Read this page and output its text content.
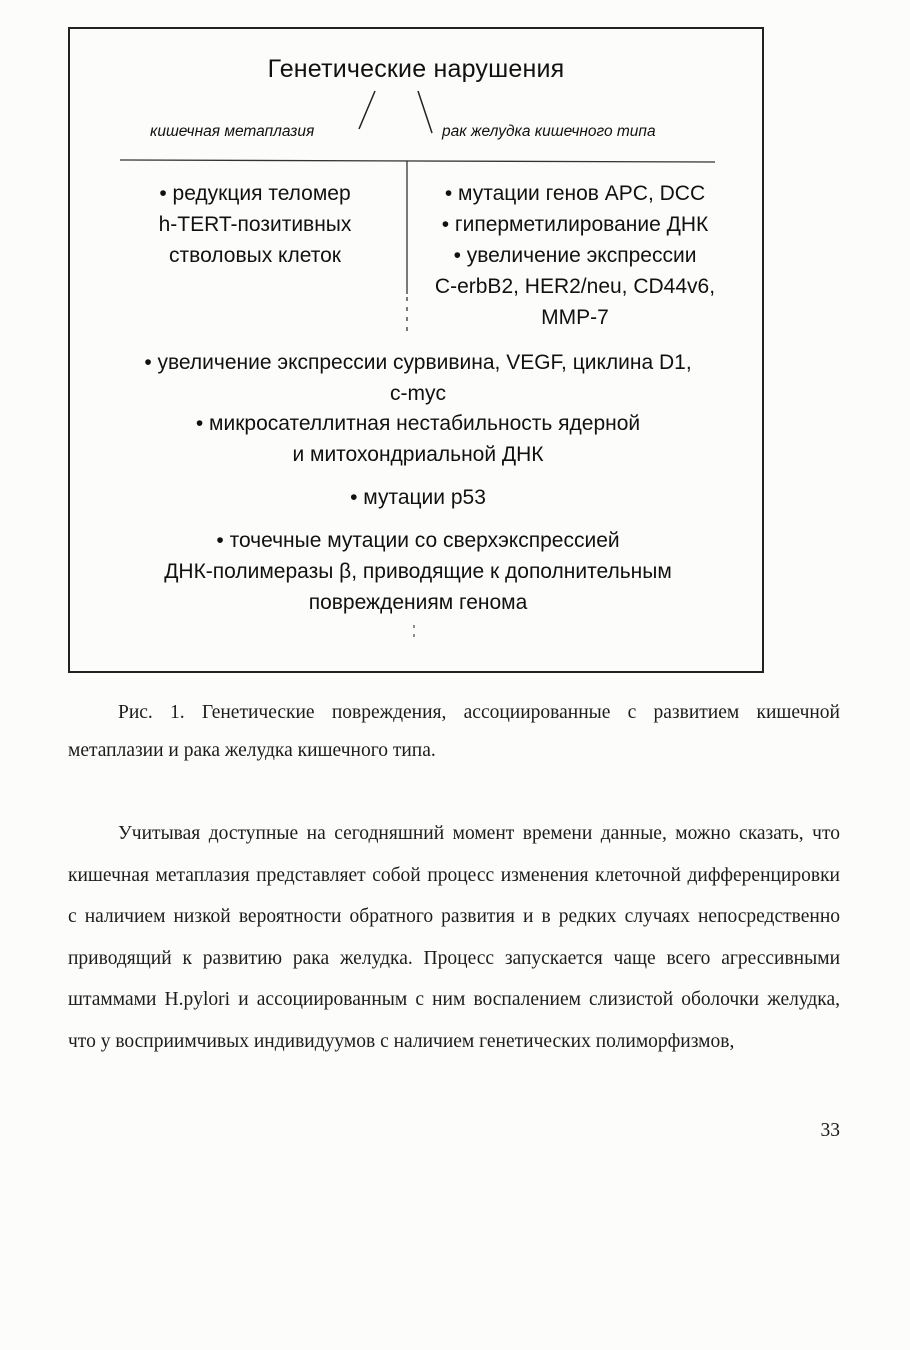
Генетические нарушения
кишечная метаплазия	рак желудка кишечного типа
• редукция теломер
h-TERT-позитивных
стволовых клеток
• мутации генов APC, DCC
• гиперметилирование ДНК
• увеличение экспрессии
C-erbB2, HER2/neu, CD44v6,
MMP-7
• увеличение экспрессии сурвивина, VEGF, циклина D1,
c-myc
• микросателлитная нестабильность ядерной
и митохондриальной ДНК
• мутации p53
• точечные мутации со сверхэкспрессией
ДНК-полимеразы β, приводящие к дополнительным
повреждениям генома

Рис. 1. Генетические повреждения, ассоциированные с развитием кишечной метаплазии и рака желудка кишечного типа.

Учитывая доступные на сегодняшний момент времени данные, можно сказать, что кишечная метаплазия представляет собой процесс изменения клеточной дифференцировки с наличием низкой вероятности обратного развития и в редких случаях непосредственно приводящий к развитию рака желудка. Процесс запускается чаще всего агрессивными штаммами H.pylori и ассоциированным с ним воспалением слизистой оболочки желудка, что у восприимчивых индивидуумов с наличием генетических полиморфизмов,

33
